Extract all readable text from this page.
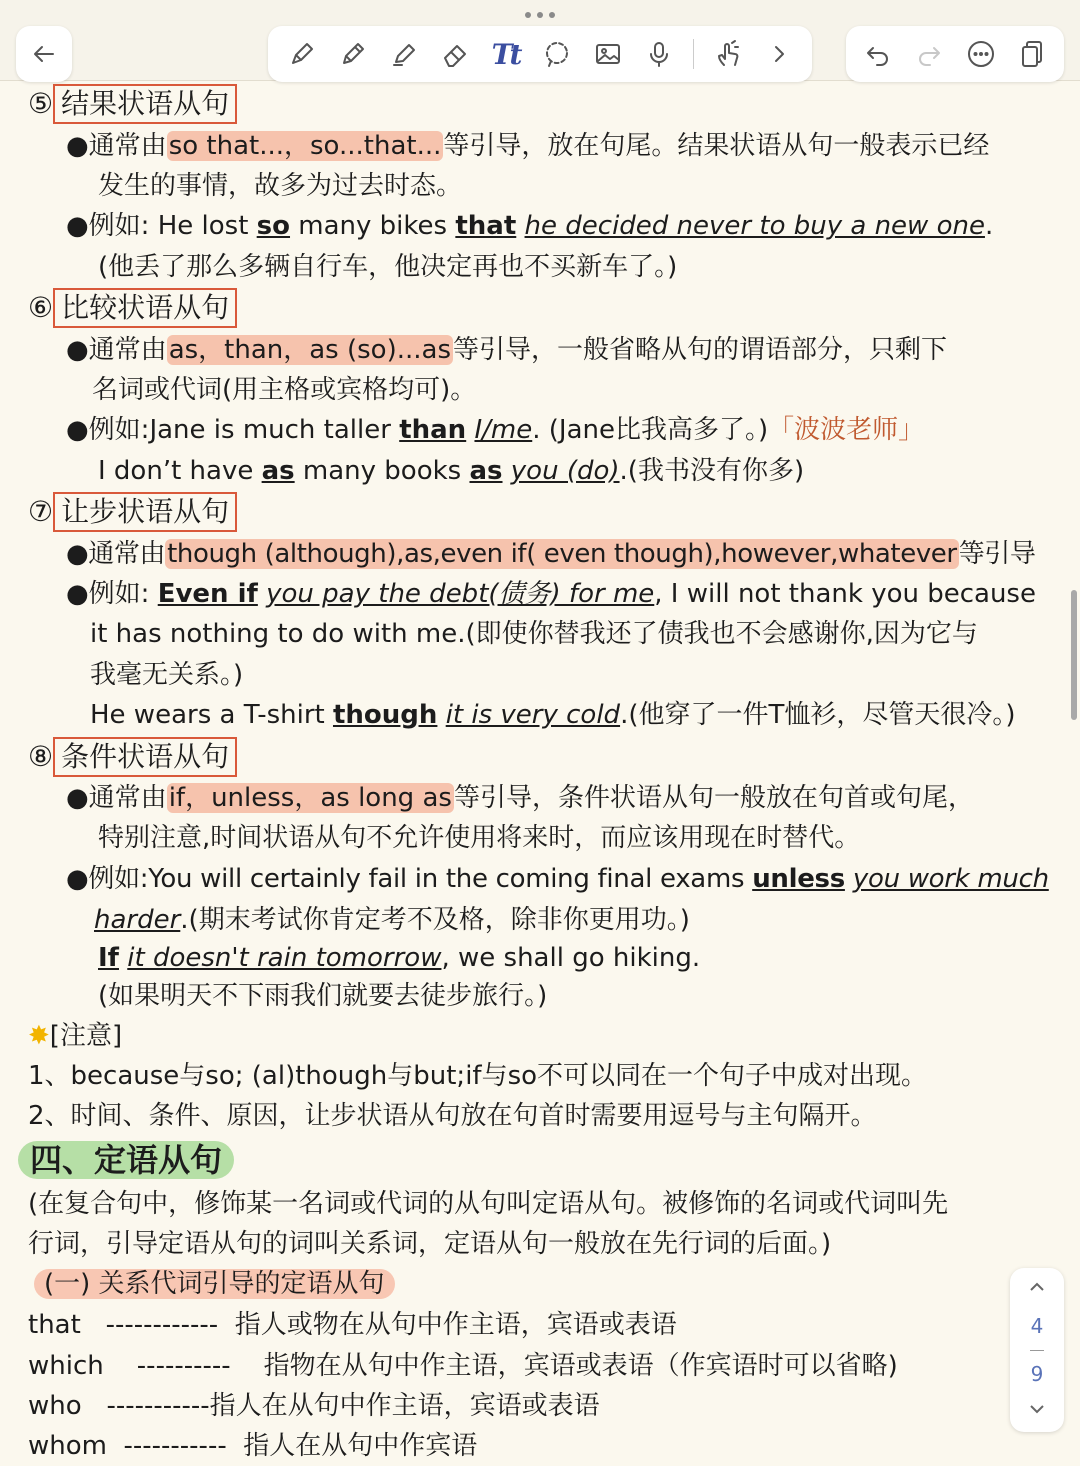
Tt
⑤ 结果状语从句
●通常由so that...，so...that...等引导，放在句尾。结果状语从句一般表示已经
发生的事情，故多为过去时态。
●例如: He lost so many bikes that he decided never to buy a new one.
(他丢了那么多辆自行车，他决定再也不买新车了。)
⑥ 比较状语从句
●通常由as，than，as (so)...as等引导，一般省略从句的谓语部分，只剩下
名词或代词(用主格或宾格均可)。
●例如:Jane is much taller than I/me. (Jane比我高多了。)「波波老师」
I don’t have as many books as you (do).(我书没有你多)
⑦ 让步状语从句
●通常由though (although),as,even if( even though),however,whatever等引导
●例如: Even if you pay the debt(债务) for me, I will not thank you because
it has nothing to do with me.(即使你替我还了债我也不会感谢你,因为它与
我毫无关系。)
He wears a T-shirt though it is very cold.(他穿了一件T恤衫，尽管天很冷。)
⑧ 条件状语从句
●通常由if，unless，as long as等引导，条件状语从句一般放在句首或句尾，
特别注意,时间状语从句不允许使用将来时，而应该用现在时替代。
●例如:You will certainly fail in the coming final exams unless you work much
harder.(期末考试你肯定考不及格，除非你更用功。)
If it doesn't rain tomorrow, we shall go hiking.
(如果明天不下雨我们就要去徒步旅行。)
✸[注意]
1、because与so; (al)though与but;if与so不可以同在一个句子中成对出现。
2、时间、条件、原因，让步状语从句放在句首时需要用逗号与主句隔开。
四、定语从句
(在复合句中，修饰某一名词或代词的从句叫定语从句。被修饰的名词或代词叫先
行词，引导定语从句的词叫关系词，定语从句一般放在先行词的后面。)
(一) 关系代词引导的定语从句
that   ------------  指人或物在从句中作主语，宾语或表语
which    ----------    指物在从句中作主语，宾语或表语（作宾语时可以省略)
who   -----------指人在从句中作主语，宾语或表语
whom  -----------  指人在从句中作宾语
4
9
